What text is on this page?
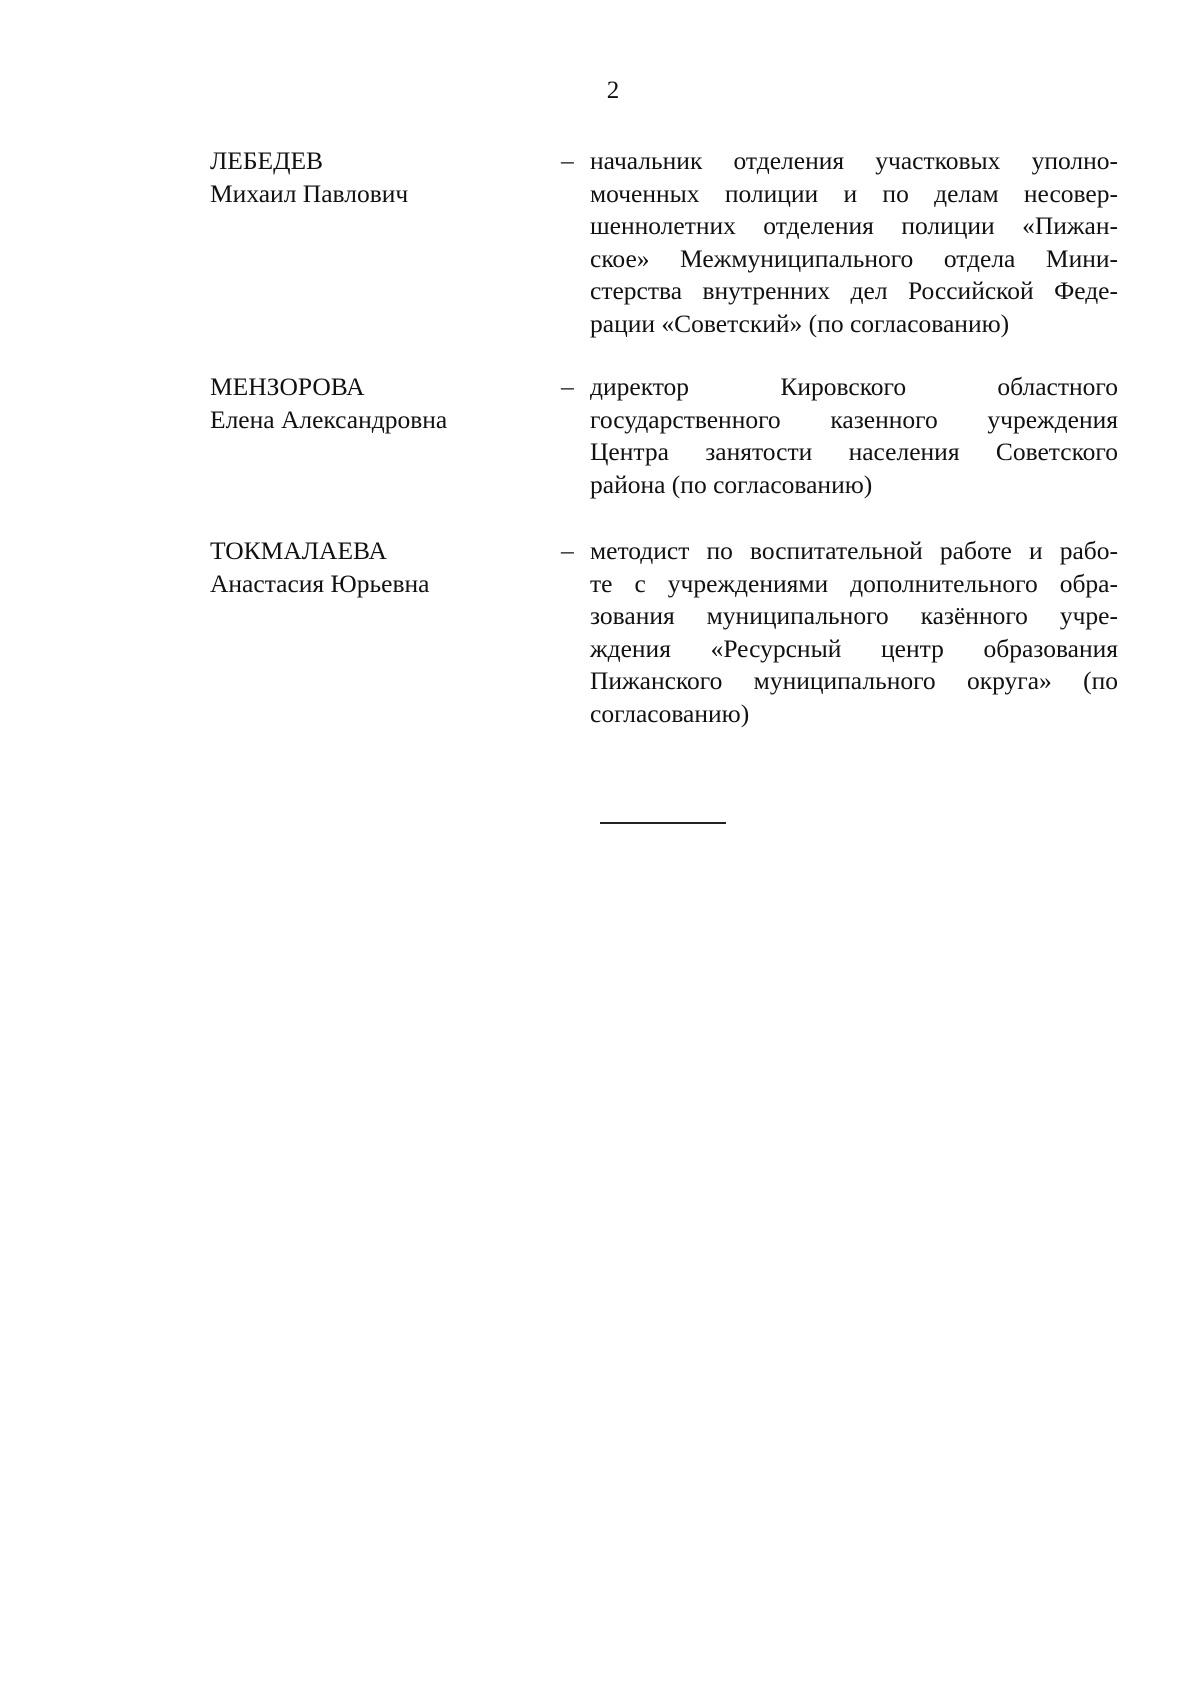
2
ЛЕБЕДЕВ
Михаил Павлович
– начальник отделения участковых уполно-
моченных полиции и по делам несовер-
шеннолетних отделения полиции «Пижан-
ское» Межмуниципального отдела Мини-
стерства внутренних дел Российской Феде-
рации «Советский» (по согласованию)
МЕНЗОРОВА
Елена Александровна
– директор Кировского областного
государственного казенного учреждения
Центра занятости населения Советского
района (по согласованию)
ТОКМАЛАЕВА
Анастасия Юрьевна
– методист по воспитательной работе и рабо-
те с учреждениями дополнительного обра-
зования муниципального казённого учре-
ждения «Ресурсный центр образования
Пижанского муниципального округа» (по
согласованию)
